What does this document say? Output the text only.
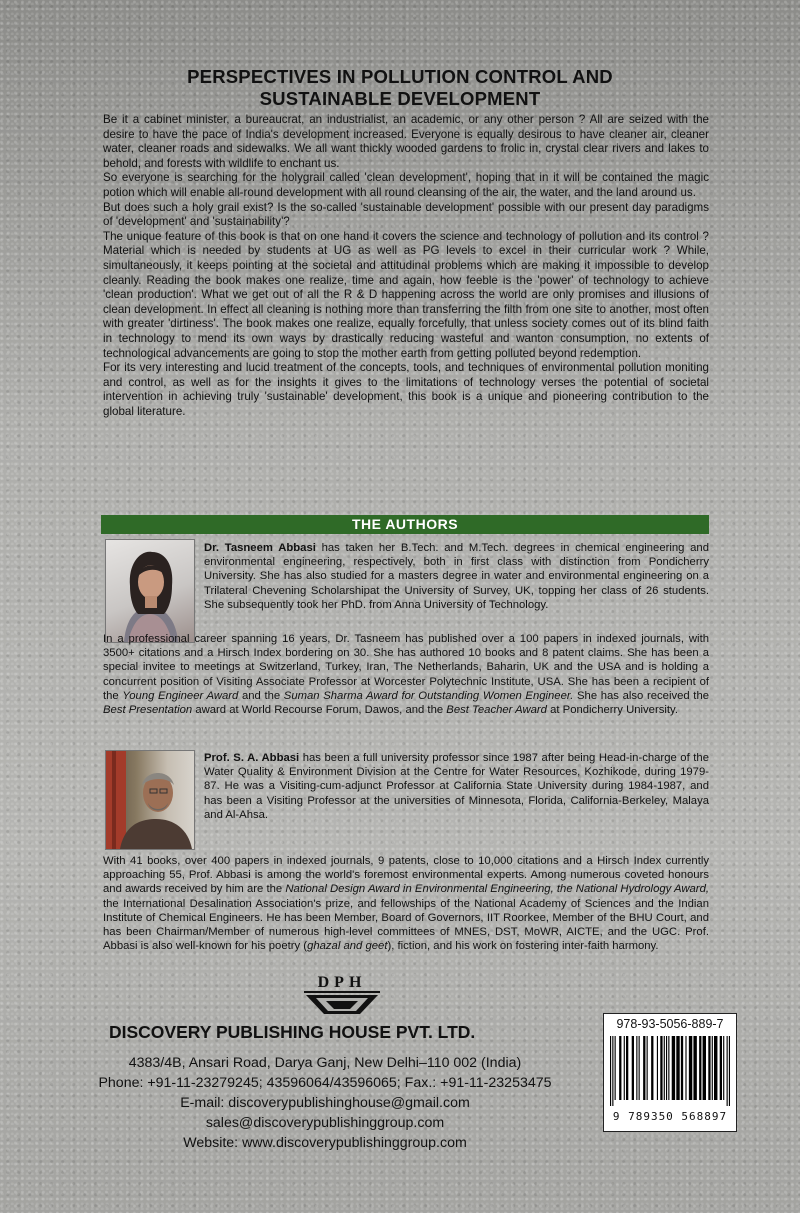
PERSPECTIVES IN POLLUTION CONTROL AND
SUSTAINABLE DEVELOPMENT

Be it a cabinet minister, a bureaucrat, an industrialist, an academic, or any other person ? All are seized with the desire to have the pace of India's development increased. Everyone is equally desirous to have cleaner air, cleaner water, cleaner roads and sidewalks. We all want thickly wooded gardens to frolic in, crystal clear rivers and lakes to behold, and forests with wildlife to enchant us.

So everyone is searching for the holygrail called 'clean development', hoping that in it will be contained the magic potion which will enable all-round development with all round cleansing of the air, the water, and the land around us.

But does such a holy grail exist? Is the so-called 'sustainable development' possible with our present day paradigms of 'development' and 'sustainability'?

The unique feature of this book is that on one hand it covers the science and technology of pollution and its control ? Material which is needed by students at UG as well as PG levels to excel in their curricular work ? While, simultaneously, it keeps pointing at the societal and attitudinal problems which are making it impossible to develop cleanly. Reading the book makes one realize, time and again, how feeble is the 'power' of technology to achieve 'clean production'. What we get out of all the R & D happening across the world are only promises and illusions of clean development. In effect all cleaning is nothing more than transferring the filth from one site to another, most often with greater 'dirtiness'. The book makes one realize, equally forcefully, that unless society comes out of its blind faith in technology to mend its own ways by drastically reducing wasteful and wanton consumption, no extents of technological advancements are going to stop the mother earth from getting polluted beyond redemption.

For its very interesting and lucid treatment of the concepts, tools, and techniques of environmental pollution moniting and control, as well as for the insights it gives to the limitations of technology verses the potential of societal intervention in achieving truly 'sustainable' development, this book is a unique and pioneering contribution to the global literature.

THE AUTHORS

Dr. Tasneem Abbasi has taken her B.Tech. and M.Tech. degrees in chemical engineering and environmental engineering, respectively, both in first class with distinction from Pondicherry University. She has also studied for a masters degree in water and environmental engineering on a Trilateral Chevening Scholarshipat the University of Survey, UK, topping her class of 26 students. She subsequently took her PhD. from Anna University of Technology.

In a professional career spanning 16 years, Dr. Tasneem has published over a 100 papers in indexed journals, with 3500+ citations and a Hirsch Index bordering on 30. She has authored 10 books and 8 patent claims. She has been a special invitee to meetings at Switzerland, Turkey, Iran, The Netherlands, Baharin, UK and the USA and is holding a concurrent position of Visiting Associate Professor at Worcester Polytechnic Institute, USA. She has been a recipient of the Young Engineer Award and the Suman Sharma Award for Outstanding Women Engineer. She has also received the Best Presentation award at World Recourse Forum, Dawos, and the Best Teacher Award at Pondicherry University.

Prof. S. A. Abbasi has been a full university professor since 1987 after being Head-in-charge of the Water Quality & Environment Division at the Centre for Water Resources, Kozhikode, during 1979-87. He was a Visiting-cum-adjunct Professor at California State University during 1984-1987, and has been a Visiting Professor at the universities of Minnesota, Florida, California-Berkeley, Malaya and Al-Ahsa.

With 41 books, over 400 papers in indexed journals, 9 patents, close to 10,000 citations and a Hirsch Index currently approaching 55, Prof. Abbasi is among the world's foremost environmental experts. Among numerous coveted honours and awards received by him are the National Design Award in Environmental Engineering, the National Hydrology Award, the International Desalination Association's prize, and fellowships of the National Academy of Sciences and the Indian Institute of Chemical Engineers. He has been Member, Board of Governors, IIT Roorkee, Member of the BHU Court, and has been Chairman/Member of numerous high-level committees of MNES, DST, MoWR, AICTE, and the UGC. Prof. Abbasi is also well-known for his poetry (ghazal and geet), fiction, and his work on fostering inter-faith harmony.

DPH
DISCOVERY PUBLISHING HOUSE PVT. LTD.
4383/4B, Ansari Road, Darya Ganj, New Delhi–110 002 (India)
Phone: +91-11-23279245; 43596064/43596065; Fax.: +91-11-23253475
E-mail: discoverypublishinghouse@gmail.com
sales@discoverypublishinggroup.com
Website: www.discoverypublishinggroup.com
978-93-5056-889-7
9 789350 568897
